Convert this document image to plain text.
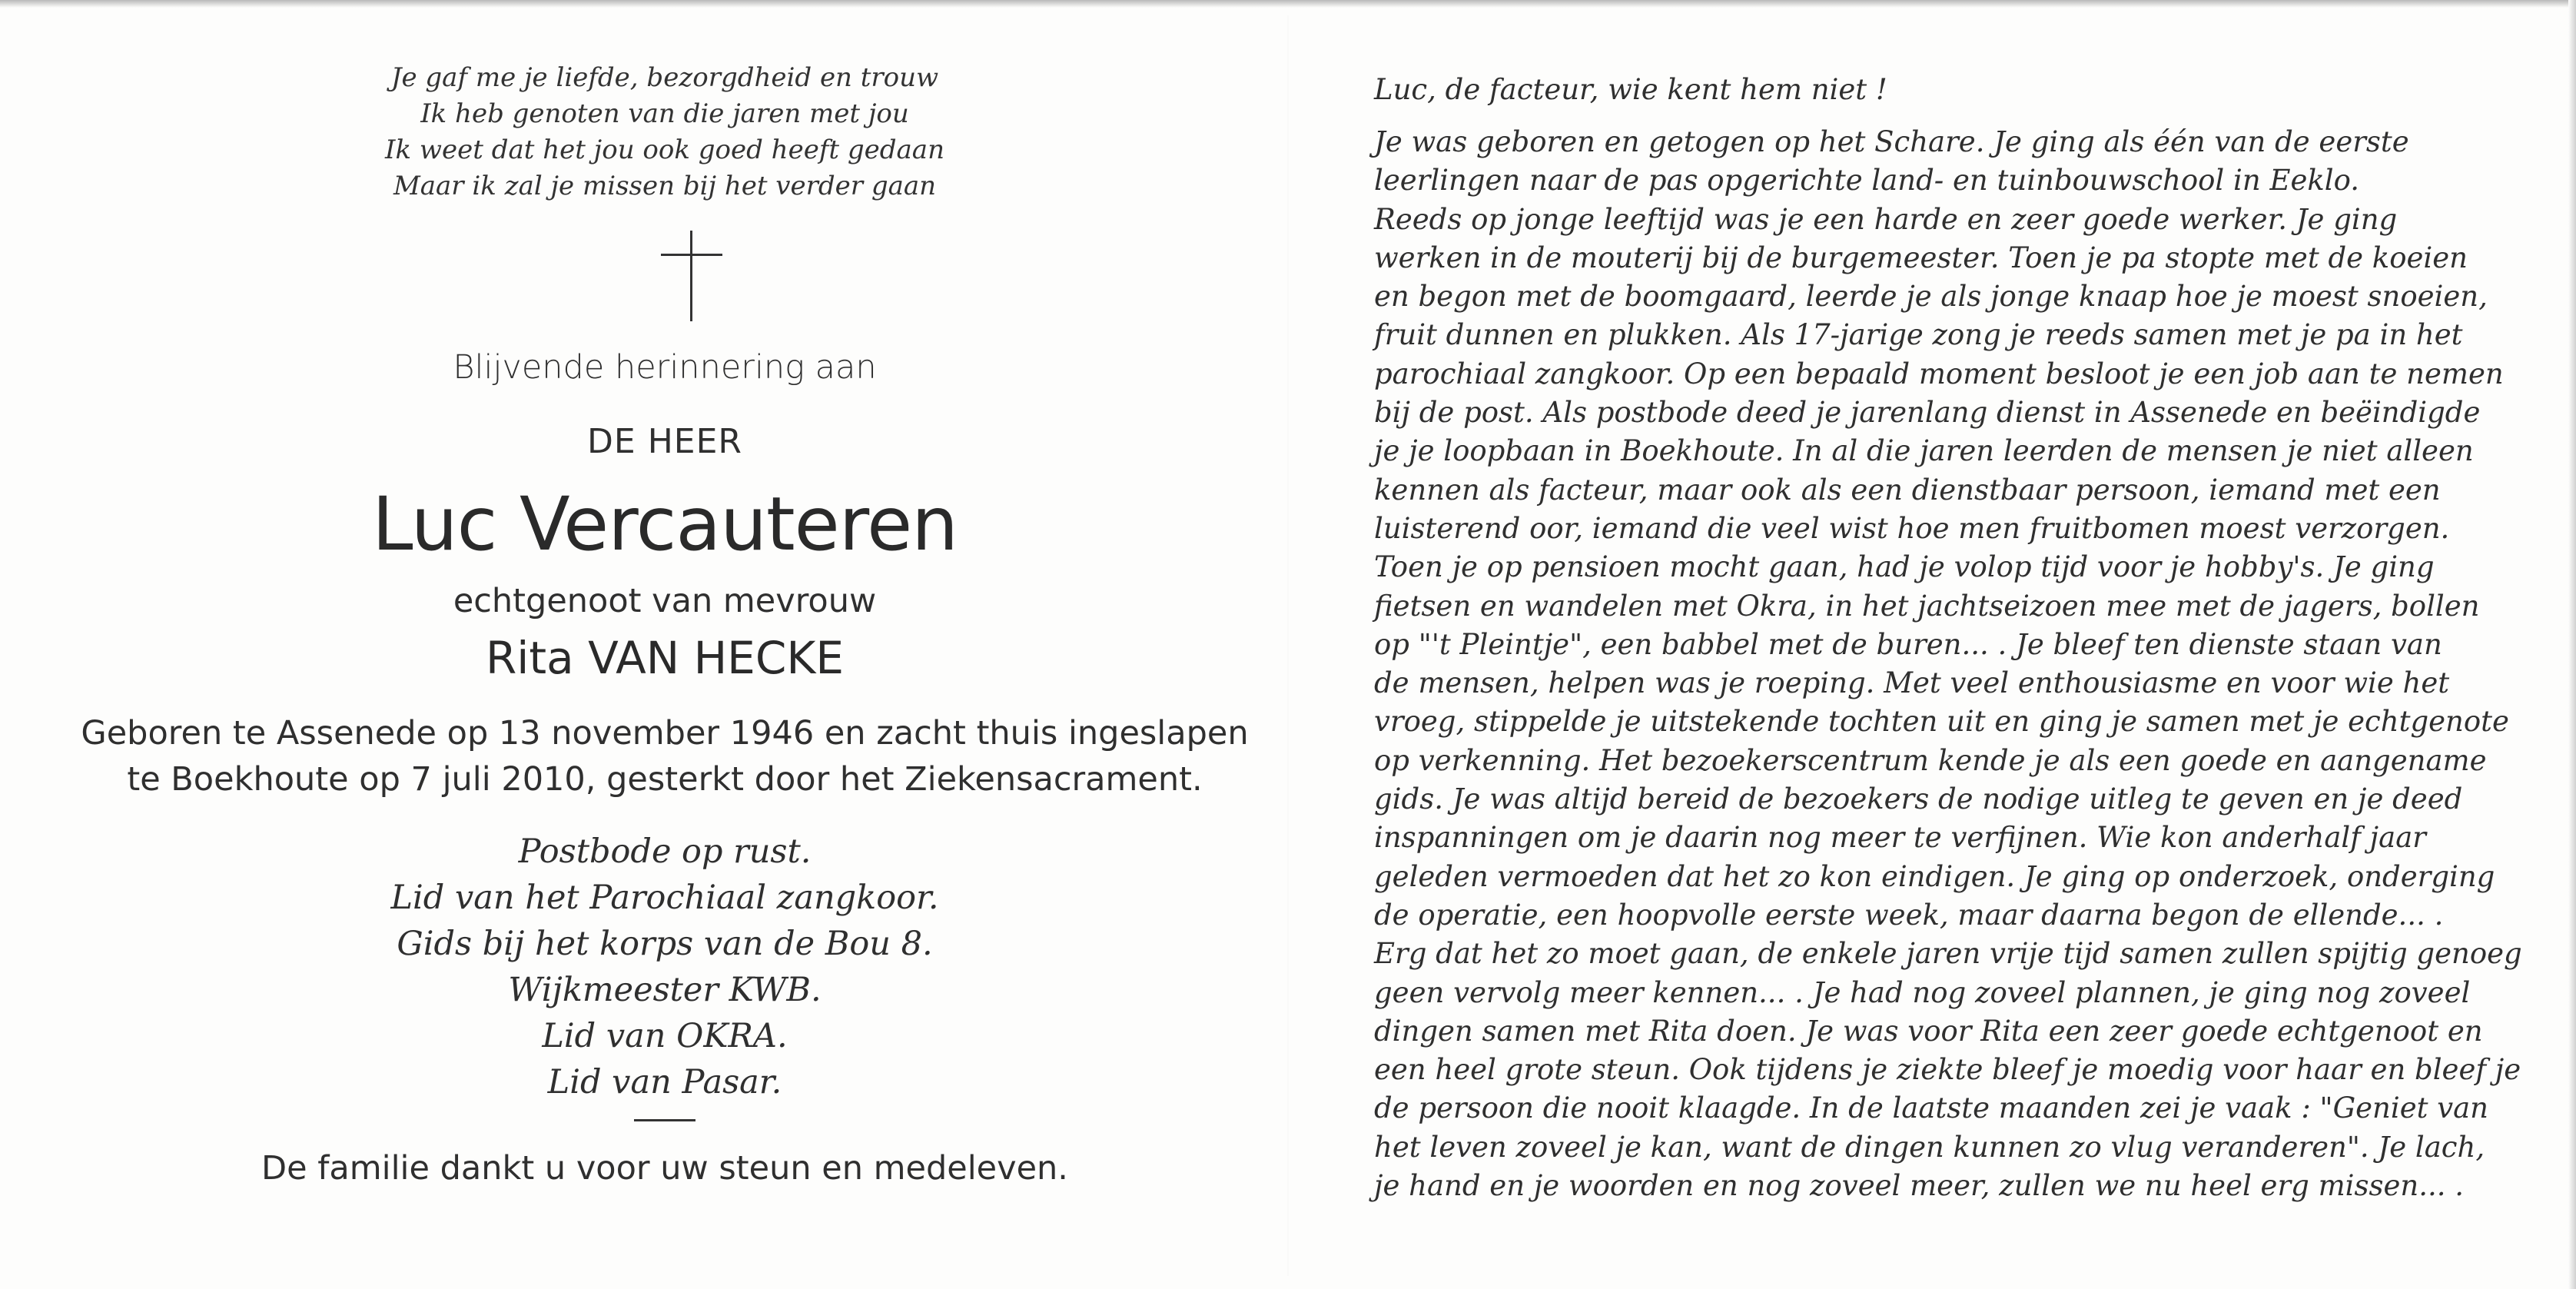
Je gaf me je liefde, bezorgdheid en trouw
Ik heb genoten van die jaren met jou
Ik weet dat het jou ook goed heeft gedaan
Maar ik zal je missen bij het verder gaan
Blijvende herinnering aan
DE HEER
Luc Vercauteren
echtgenoot van mevrouw
Rita VAN HECKE
Geboren te Assenede op 13 november 1946 en zacht thuis ingeslapen
te Boekhoute op 7 juli 2010, gesterkt door het Ziekensacrament.
Postbode op rust.
Lid van het Parochiaal zangkoor.
Gids bij het korps van de Bou 8.
Wijkmeester KWB.
Lid van OKRA.
Lid van Pasar.
De familie dankt u voor uw steun en medeleven.
Luc, de facteur, wie kent hem niet !
Je was geboren en getogen op het Schare. Je ging als één van de eerste
leerlingen naar de pas opgerichte land- en tuinbouwschool in Eeklo.
Reeds op jonge leeftijd was je een harde en zeer goede werker. Je ging
werken in de mouterij bij de burgemeester. Toen je pa stopte met de koeien
en begon met de boomgaard, leerde je als jonge knaap hoe je moest snoeien,
fruit dunnen en plukken. Als 17-jarige zong je reeds samen met je pa in het
parochiaal zangkoor. Op een bepaald moment besloot je een job aan te nemen
bij de post. Als postbode deed je jarenlang dienst in Assenede en beëindigde
je je loopbaan in Boekhoute. In al die jaren leerden de mensen je niet alleen
kennen als facteur, maar ook als een dienstbaar persoon, iemand met een
luisterend oor, iemand die veel wist hoe men fruitbomen moest verzorgen.
Toen je op pensioen mocht gaan, had je volop tijd voor je hobby's. Je ging
fietsen en wandelen met Okra, in het jachtseizoen mee met de jagers, bollen
op "'t Pleintje", een babbel met de buren... . Je bleef ten dienste staan van
de mensen, helpen was je roeping. Met veel enthousiasme en voor wie het
vroeg, stippelde je uitstekende tochten uit en ging je samen met je echtgenote
op verkenning. Het bezoekerscentrum kende je als een goede en aangename
gids. Je was altijd bereid de bezoekers de nodige uitleg te geven en je deed
inspanningen om je daarin nog meer te verfijnen. Wie kon anderhalf jaar
geleden vermoeden dat het zo kon eindigen. Je ging op onderzoek, onderging
de operatie, een hoopvolle eerste week, maar daarna begon de ellende... .
Erg dat het zo moet gaan, de enkele jaren vrije tijd samen zullen spijtig genoeg
geen vervolg meer kennen... . Je had nog zoveel plannen, je ging nog zoveel
dingen samen met Rita doen. Je was voor Rita een zeer goede echtgenoot en
een heel grote steun. Ook tijdens je ziekte bleef je moedig voor haar en bleef je
de persoon die nooit klaagde. In de laatste maanden zei je vaak : "Geniet van
het leven zoveel je kan, want de dingen kunnen zo vlug veranderen". Je lach,
je hand en je woorden en nog zoveel meer, zullen we nu heel erg missen... .
